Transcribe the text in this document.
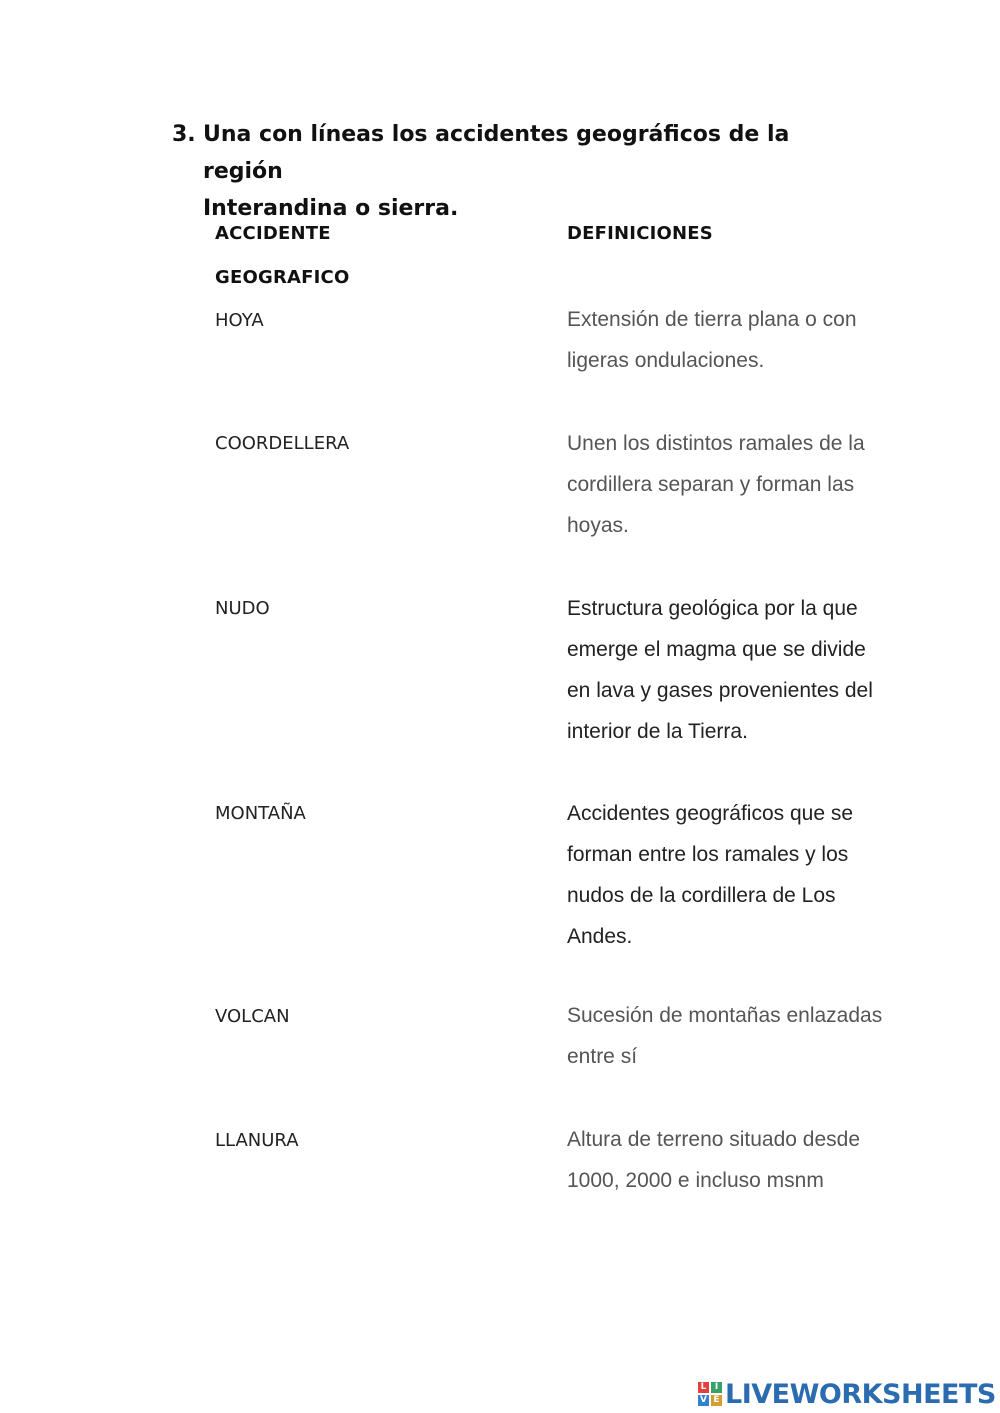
3. Una con líneas los accidentes geográficos de la región
Interandina o sierra.
ACCIDENTE
GEOGRAFICO
DEFINICIONES
HOYA
COORDELLERA
NUDO
MONTAÑA
VOLCAN
LLANURA
Extensión de tierra plana o con
ligeras ondulaciones.
Unen los distintos ramales de la
cordillera separan y forman las
hoyas.
Estructura geológica por la que
emerge el magma que se divide
en lava y gases provenientes del
interior de la Tierra.
Accidentes geográficos que se
forman entre los ramales y los
nudos de la cordillera de Los
Andes.
Sucesión de montañas enlazadas
entre sí
Altura de terreno situado desde
1000, 2000 e incluso msnm
L I
V E LIVEWORKSHEETS
